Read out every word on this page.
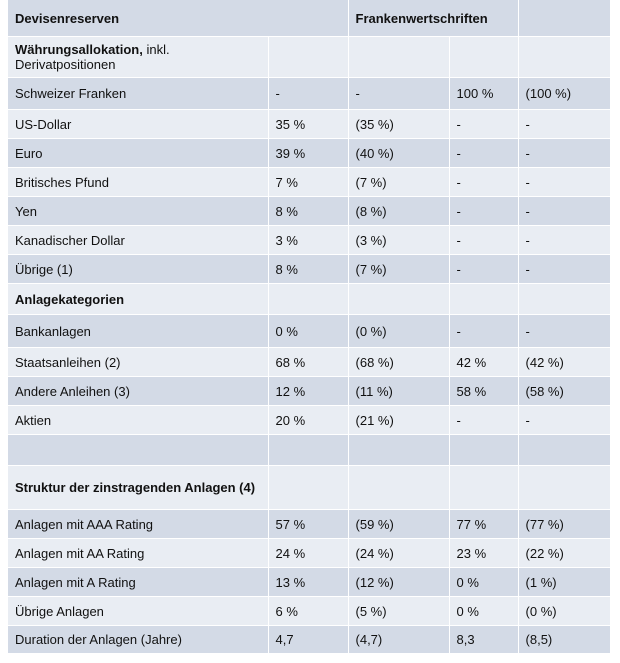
Devisenreserven		Frankenwertschriften		
Währungsallokation, inkl. Derivatpositionen				
Schweizer Franken	-	-	100 %	(100 %)
US-Dollar	35 %	(35 %)	-	-
Euro	39 %	(40 %)	-	-
Britisches Pfund	7 %	(7 %)	-	-
Yen	8 %	(8 %)	-	-
Kanadischer Dollar	3 %	(3 %)	-	-
Übrige (1)	8 %	(7 %)	-	-
Anlagekategorien				
Bankanlagen	0 %	(0 %)	-	-
Staatsanleihen (2)	68 %	(68 %)	42 %	(42 %)
Andere Anleihen (3)	12 %	(11 %)	58 %	(58 %)
Aktien	20 %	(21 %)	-	-

Struktur der zinstragenden Anlagen (4)				
Anlagen mit AAA Rating	57 %	(59 %)	77 %	(77 %)
Anlagen mit AA Rating	24 %	(24 %)	23 %	(22 %)
Anlagen mit A Rating	13 %	(12 %)	0 %	(1 %)
Übrige Anlagen	6 %	(5 %)	0 %	(0 %)
Duration der Anlagen (Jahre)	4,7	(4,7)	8,3	(8,5)
